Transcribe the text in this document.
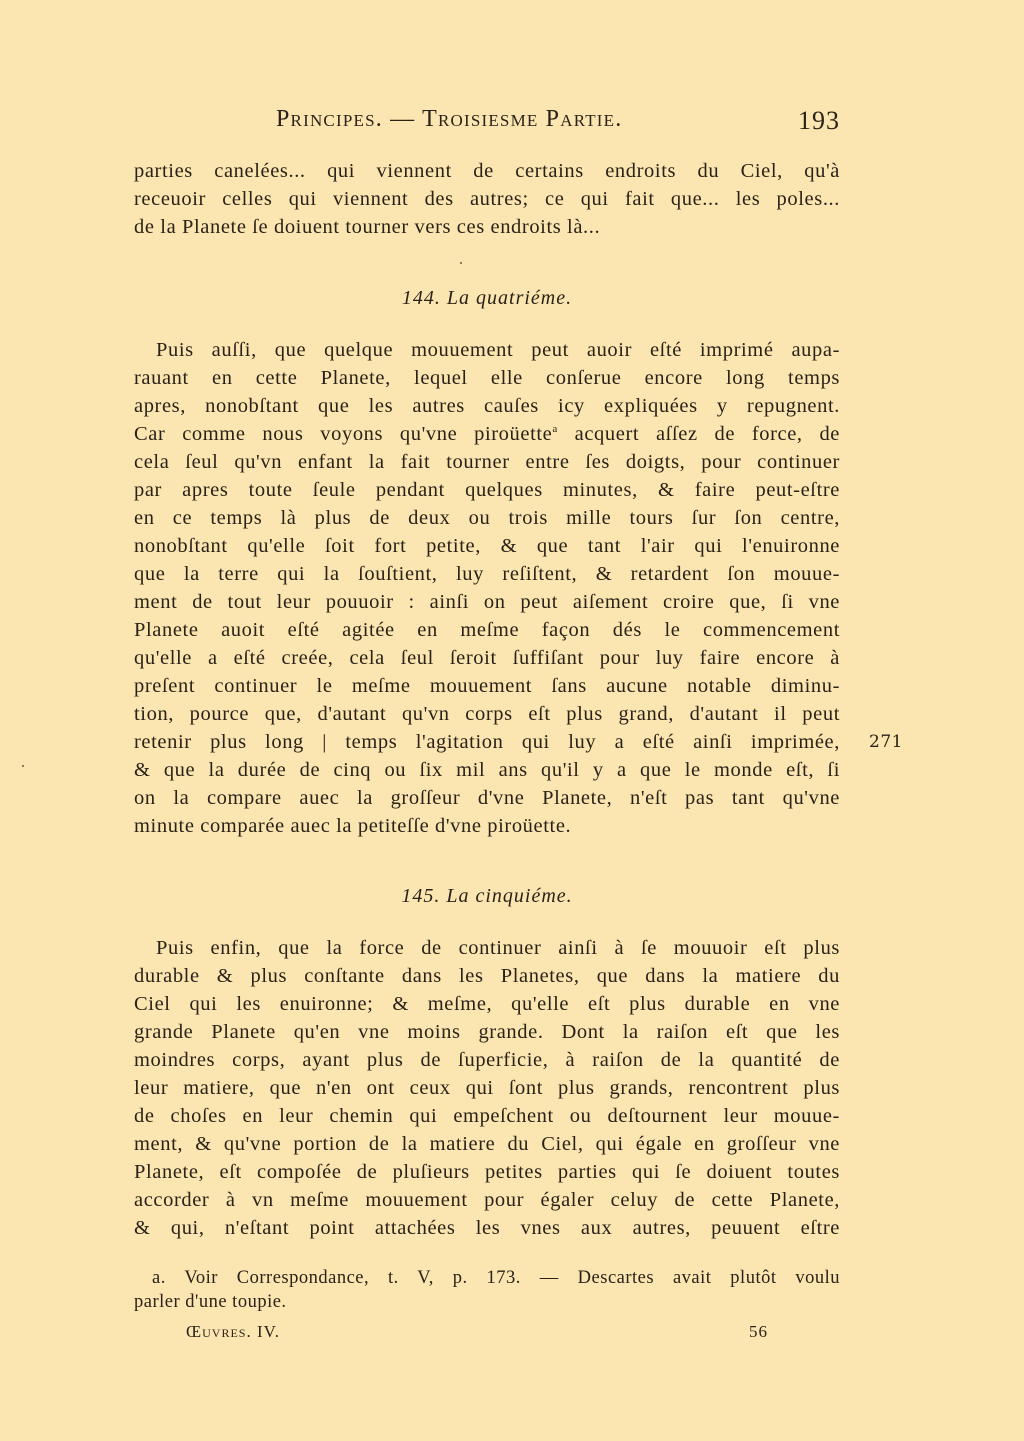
Principes. — Troisiesme Partie.	193
parties canelées... qui viennent de certains endroits du Ciel, qu'à
receuoir celles qui viennent des autres; ce qui fait que... les poles...
de la Planete ſe doiuent tourner vers ces endroits là...
144. La quatriéme.
Puis auſſi, que quelque mouuement peut auoir eſté imprimé aupa-
rauant en cette Planete, lequel elle conſerue encore long temps
apres, nonobſtant que les autres cauſes icy expliquées y repugnent.
Car comme nous voyons qu'vne piroüette$^a$ acquert aſſez de force, de
cela ſeul qu'vn enfant la fait tourner entre ſes doigts, pour continuer
par apres toute ſeule pendant quelques minutes, & faire peut-eſtre
en ce temps là plus de deux ou trois mille tours ſur ſon centre,
nonobſtant qu'elle ſoit fort petite, & que tant l'air qui l'enuironne
que la terre qui la ſouſtient, luy reſiſtent, & retardent ſon mouue-
ment de tout leur pouuoir : ainſi on peut aiſement croire que, ſi vne
Planete auoit eſté agitée en meſme façon dés le commencement
qu'elle a eſté creée, cela ſeul ſeroit ſuffiſant pour luy faire encore à
preſent continuer le meſme mouuement ſans aucune notable diminu-
tion, pource que, d'autant qu'vn corps eſt plus grand, d'autant il peut
retenir plus long | temps l'agitation qui luy a eſté ainſi imprimée, 271
& que la durée de cinq ou ſix mil ans qu'il y a que le monde eſt, ſi
on la compare auec la groſſeur d'vne Planete, n'eſt pas tant qu'vne
minute comparée auec la petiteſſe d'vne piroüette.
145. La cinquiéme.
Puis enfin, que la force de continuer ainſi à ſe mouuoir eſt plus
durable & plus conſtante dans les Planetes, que dans la matiere du
Ciel qui les enuironne; & meſme, qu'elle eſt plus durable en vne
grande Planete qu'en vne moins grande. Dont la raiſon eſt que les
moindres corps, ayant plus de ſuperficie, à raiſon de la quantité de
leur matiere, que n'en ont ceux qui ſont plus grands, rencontrent plus
de choſes en leur chemin qui empeſchent ou deſtournent leur mouue-
ment, & qu'vne portion de la matiere du Ciel, qui égale en groſſeur vne
Planete, eſt compoſée de pluſieurs petites parties qui ſe doiuent toutes
accorder à vn meſme mouuement pour égaler celuy de cette Planete,
& qui, n'eſtant point attachées les vnes aux autres, peuuent eſtre
a. Voir Correspondance, t. V, p. 173. — Descartes avait plutôt voulu
parler d'une toupie.
Œuvres. IV.	56
